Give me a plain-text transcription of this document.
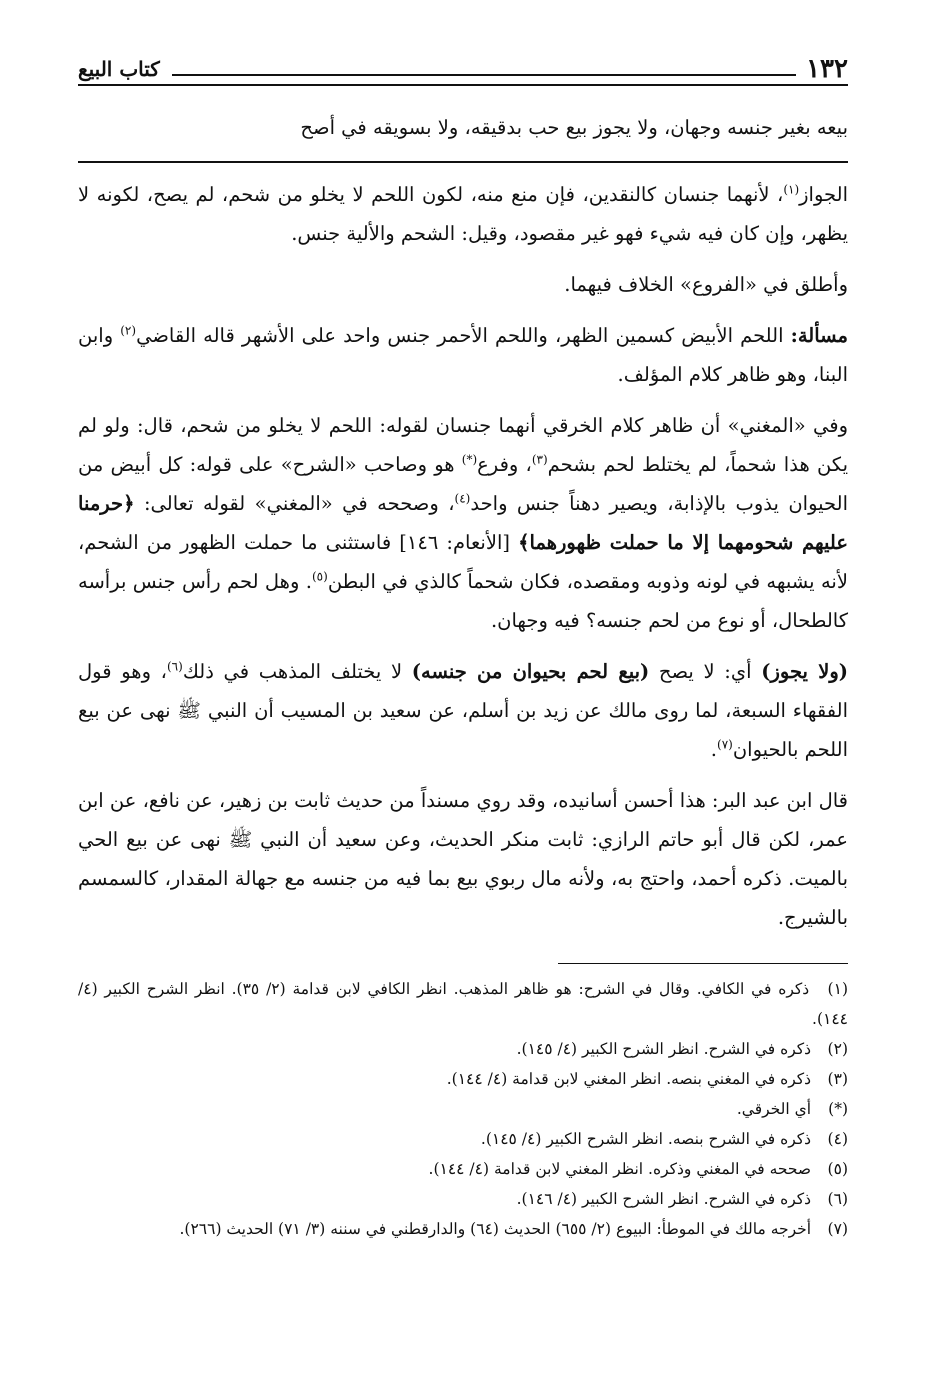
١٣٢
كتاب البيع

بيعه بغير جنسه وجهان، ولا يجوز بيع حب بدقيقه، ولا بسويقه في أصح

الجواز$^{(١)}$، لأنهما جنسان كالنقدين، فإن منع منه، لكون اللحم لا يخلو من شحم، لم يصح، لكونه لا يظهر، وإن كان فيه شيء فهو غير مقصود، وقيل: الشحم والألية جنس.

وأطلق في «الفروع» الخلاف فيهما.

مسألة: اللحم الأبيض كسمين الظهر، واللحم الأحمر جنس واحد على الأشهر قاله القاضي$^{(٢)}$ وابن البنا، وهو ظاهر كلام المؤلف.

وفي «المغني» أن ظاهر كلام الخرقي أنهما جنسان لقوله: اللحم لا يخلو من شحم، قال: ولو لم يكن هذا شحماً، لم يختلط لحم بشحم$^{(٣)}$، وفرع(*) هو وصاحب «الشرح» على قوله: كل أبيض من الحيوان يذوب بالإذابة، ويصير دهناً جنس واحد$^{(٤)}$، وصححه في «المغني» لقوله تعالى: ﴿حرمنا عليهم شحومهما إلا ما حملت ظهورهما﴾ [الأنعام: ١٤٦] فاستثنى ما حملت الظهور من الشحم، لأنه يشبهه في لونه وذوبه ومقصده، فكان شحماً كالذي في البطن$^{(٥)}$. وهل لحم رأس جنس برأسه كالطحال، أو نوع من لحم جنسه؟ فيه وجهان.

(ولا يجوز) أي: لا يصح (بيع لحم بحيوان من جنسه) لا يختلف المذهب في ذلك$^{(٦)}$، وهو قول الفقهاء السبعة، لما روى مالك عن زيد بن أسلم، عن سعيد بن المسيب أن النبي ﷺ نهى عن بيع اللحم بالحيوان$^{(٧)}$.

قال ابن عبد البر: هذا أحسن أسانيده، وقد روي مسنداً من حديث ثابت بن زهير، عن نافع، عن ابن عمر، لكن قال أبو حاتم الرازي: ثابت منكر الحديث، وعن سعيد أن النبي ﷺ نهى عن بيع الحي بالميت. ذكره أحمد، واحتج به، ولأنه مال ربوي بيع بما فيه من جنسه مع جهالة المقدار، كالسمسم بالشيرج.

(١) ذكره في الكافي. وقال في الشرح: هو ظاهر المذهب. انظر الكافي لابن قدامة (٢/ ٣٥). انظر الشرح الكبير (٤/ ١٤٤).

(٢) ذكره في الشرح. انظر الشرح الكبير (٤/ ١٤٥).

(٣) ذكره في المغني بنصه. انظر المغني لابن قدامة (٤/ ١٤٤).

(*) أي الخرقي.

(٤) ذكره في الشرح بنصه. انظر الشرح الكبير (٤/ ١٤٥).

(٥) صححه في المغني وذكره. انظر المغني لابن قدامة (٤/ ١٤٤).

(٦) ذكره في الشرح. انظر الشرح الكبير (٤/ ١٤٦).

(٧) أخرجه مالك في الموطأ: البيوع (٢/ ٦٥٥) الحديث (٦٤) والدارقطني في سننه (٣/ ٧١) الحديث (٢٦٦).
